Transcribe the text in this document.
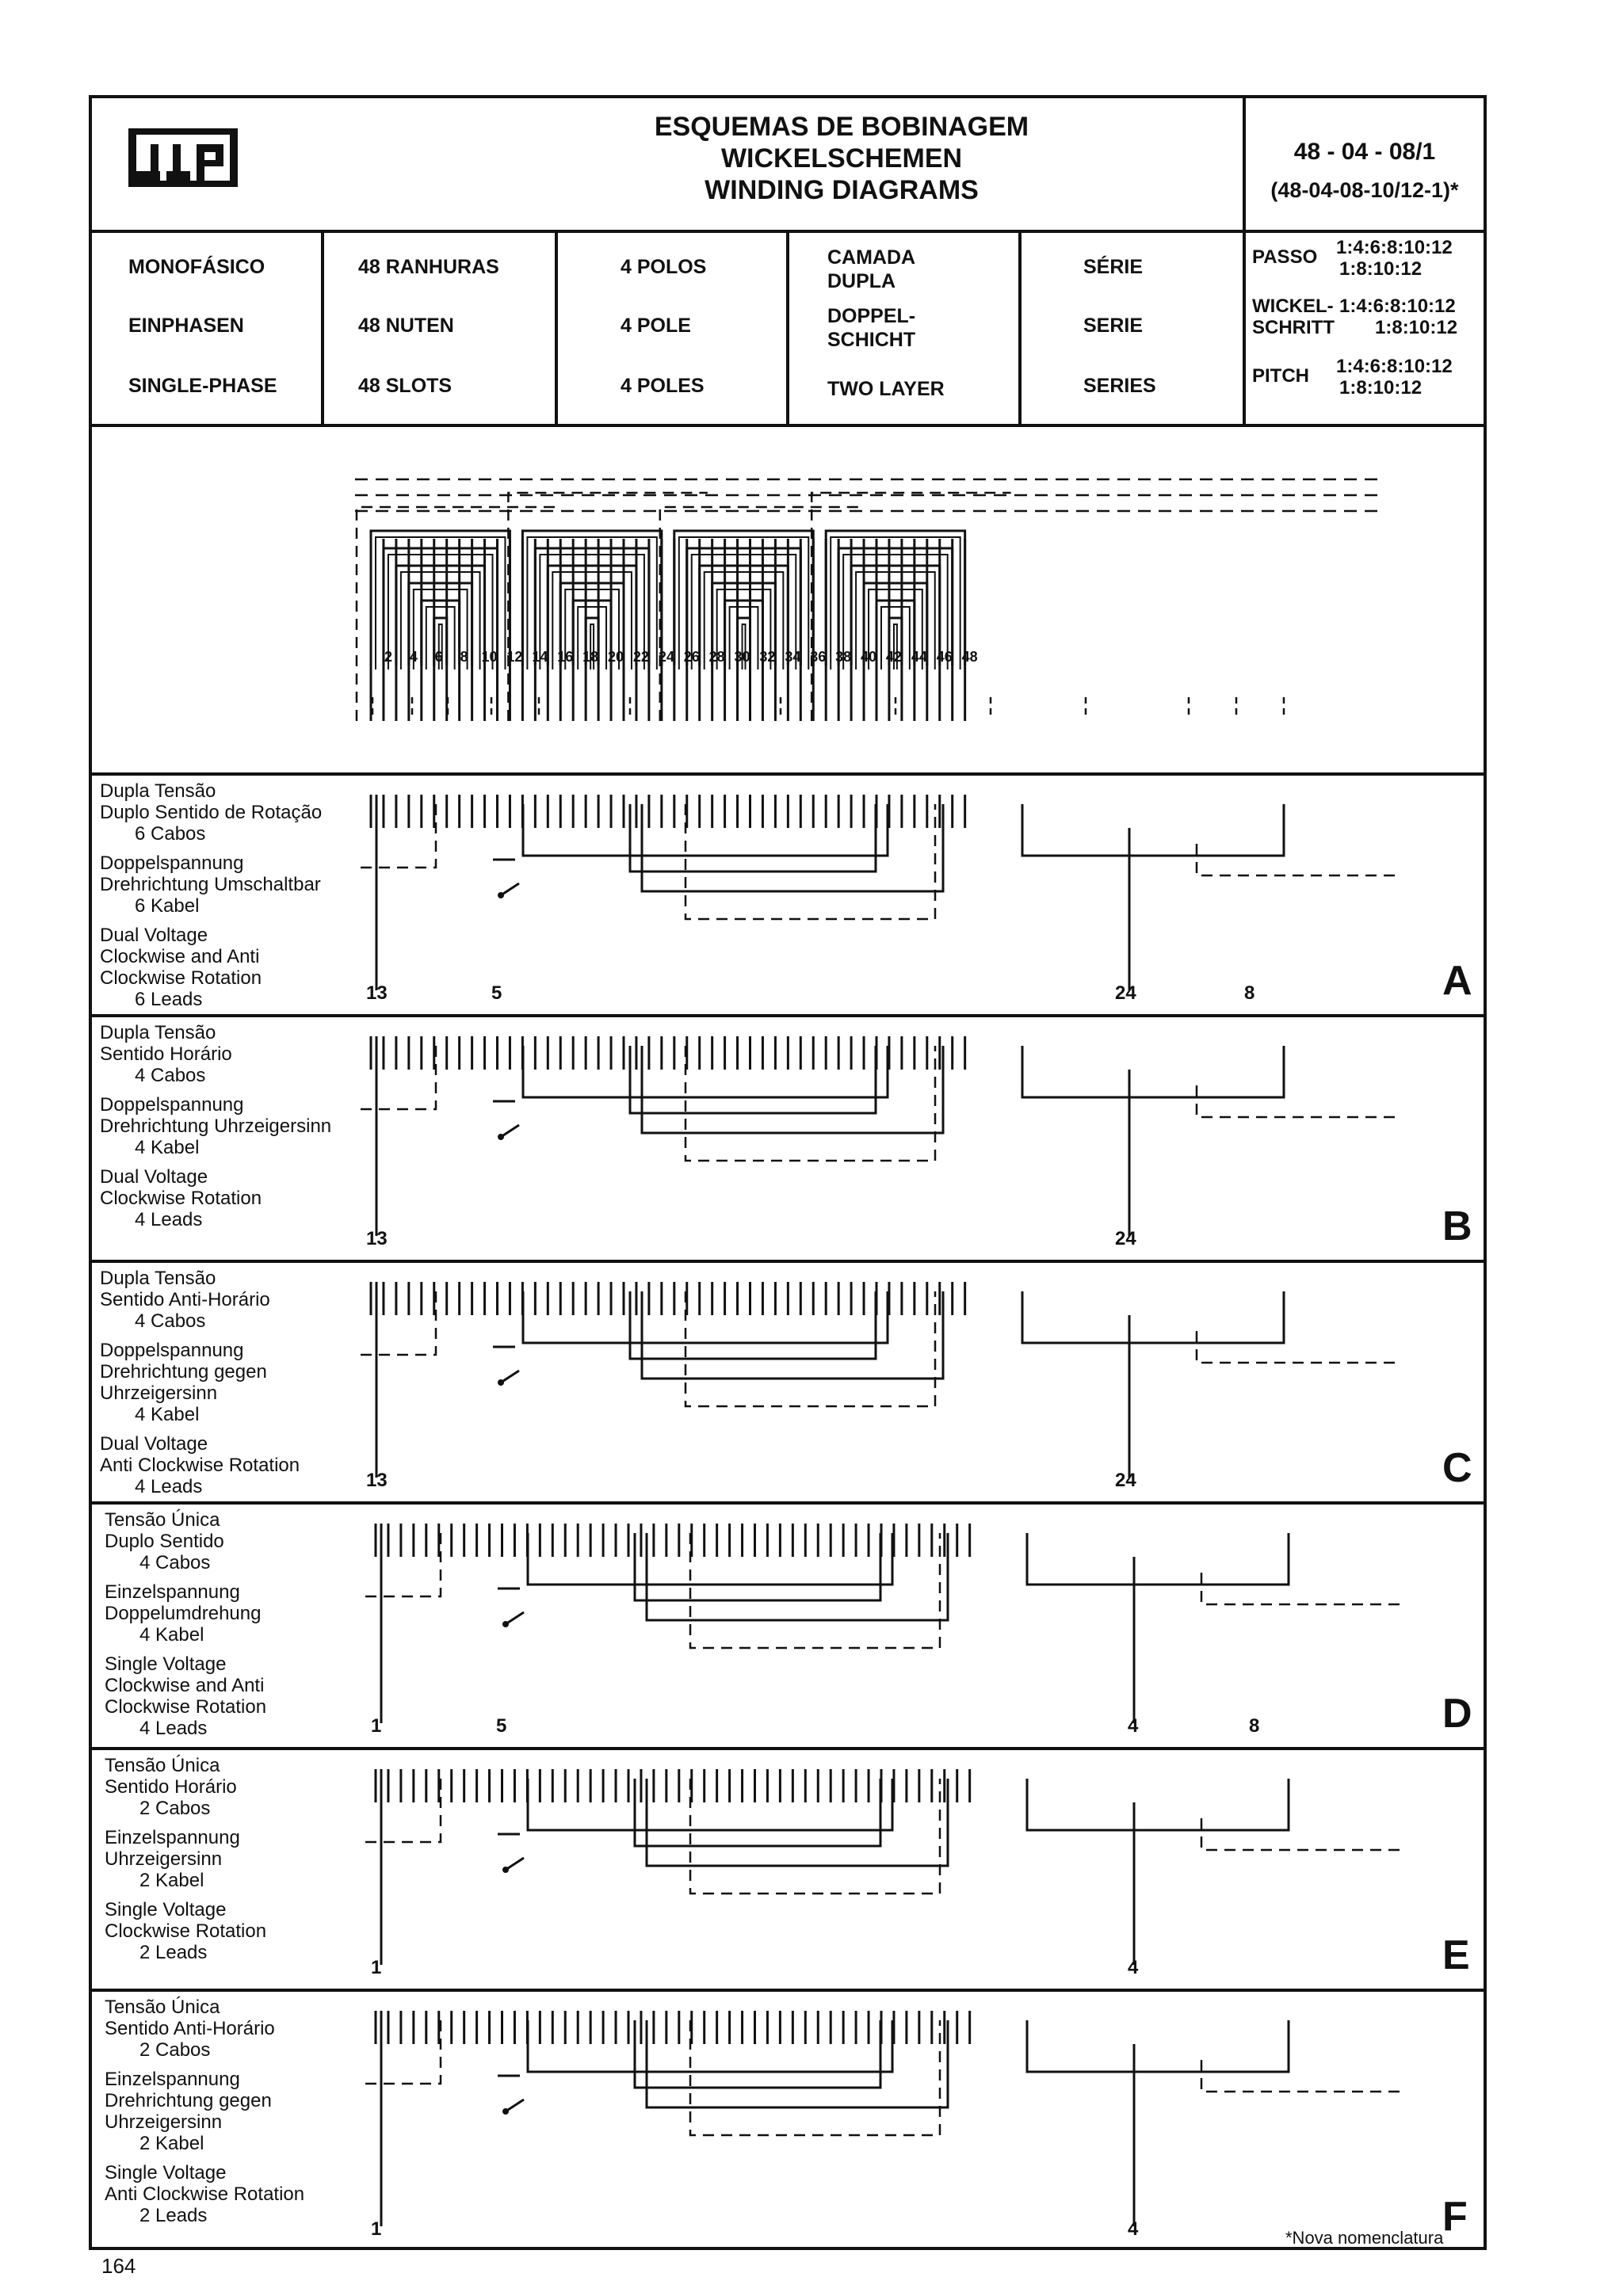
ESQUEMAS DE BOBINAGEM
WICKELSCHEMEN
WINDING DIAGRAMS
48 - 04 - 08/1
(48-04-08-10/12-1)*
MONOFÁSICO
EINPHASEN
SINGLE-PHASE
48 RANHURAS
48 NUTEN
48 SLOTS
4 POLOS
4 POLE
4 POLES
CAMADA
DUPLA
DOPPEL-
SCHICHT
TWO LAYER
SÉRIE
SERIE
SERIES
PASSO 1:4:6:8:10:12
1:8:10:12
WICKEL-
SCHRITT
1:4:6:8:10:12
1:8:10:12
PITCH 1:4:6:8:10:12
1:8:10:12
Dupla Tensão
Duplo Sentido de Rotação
6 Cabos
Doppelspannung
Drehrichtung Umschaltbar
6 Kabel
Dual Voltage
Clockwise and Anti
Clockwise Rotation
6 Leads	A
13	5	24	8
Dupla Tensão
Sentido Horário
4 Cabos
Doppelspannung
Drehrichtung Uhrzeigersinn
4 Kabel
Dual Voltage
Clockwise Rotation
4 Leads	B
13	24
Dupla Tensão
Sentido Anti-Horário
4 Cabos
Doppelspannung
Drehrichtung gegen
Uhrzeigersinn
4 Kabel
Dual Voltage
Anti Clockwise Rotation
4 Leads	C
13	24
Tensão Única
Duplo Sentido
4 Cabos
Einzelspannung
Doppelumdrehung
4 Kabel
Single Voltage
Clockwise and Anti
Clockwise Rotation
4 Leads	D
1	5	4	8
Tensão Única
Sentido Horário
2 Cabos
Einzelspannung
Uhrzeigersinn
2 Kabel
Single Voltage
Clockwise Rotation
2 Leads	E
1	4
Tensão Única
Sentido Anti-Horário
2 Cabos
Einzelspannung
Drehrichtung gegen
Uhrzeigersinn
2 Kabel
Single Voltage
Anti Clockwise Rotation
2 Leads	F
1	4
164
*Nova nomenclatura
2 4 6 8 10 12 14 16 18 20 22 24 26 28 30 32 34 36 38 40 42 44 46 48
